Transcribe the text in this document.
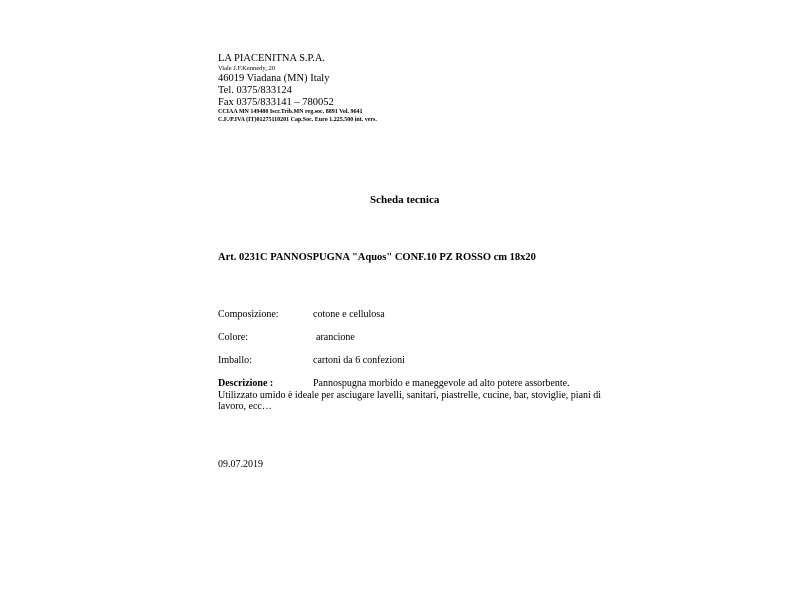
LA PIACENITNA S.P.A.
Viale J.F.Kennedy, 20
46019 Viadana (MN) Italy
Tel. 0375/833124
Fax 0375/833141 – 780052
CCIAA MN 149480 Iscr.Trib.MN reg.soc. 8891 Vol. 9641
C.F./P.IVA (IT)01275110201 Cap.Soc. Euro 1.225.500 int. vers.
Scheda tecnica
Art. 0231C PANNOSPUGNA "Aquos" CONF.10 PZ ROSSO cm 18x20
Composizione:	cotone e cellulosa
Colore:	arancione
Imballo:	cartoni da 6 confezioni
Descrizione :	Pannospugna morbido e maneggevole ad alto potere assorbente. Utilizzato umido è ideale per asciugare lavelli, sanitari, piastrelle, cucine, bar, stoviglie, piani di lavoro, ecc…
09.07.2019
